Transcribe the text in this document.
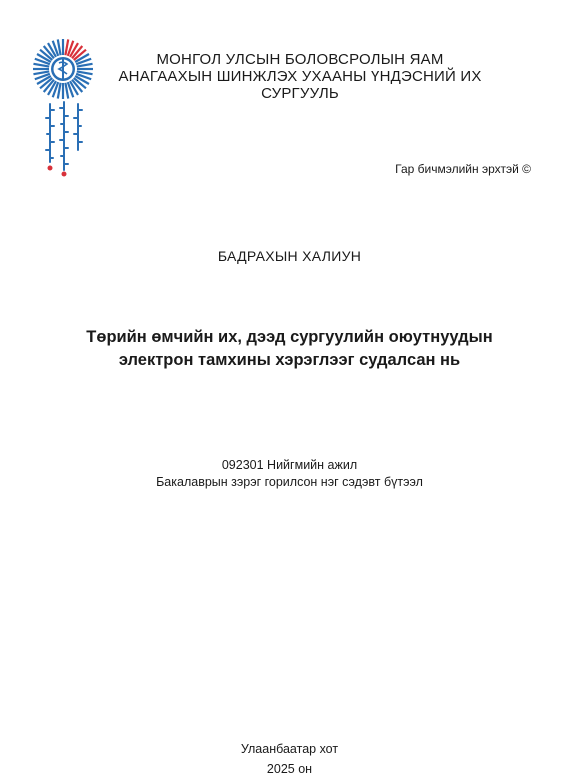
МОНГОЛ УЛСЫН БОЛОВСРОЛЫН ЯАМ
АНАГААХЫН ШИНЖЛЭХ УХААНЫ ҮНДЭСНИЙ ИХ СУРГУУЛЬ
Гар бичмэлийн эрхтэй ©
БАДРАХЫН ХАЛИУН
Төрийн өмчийн их, дээд сургуулийн оюутнуудын
электрон тамхины хэрэглээг судалсан нь
092301 Нийгмийн ажил
Бакалаврын зэрэг горилсон нэг сэдэвт бүтээл
Улаанбаатар хот
2025 он
